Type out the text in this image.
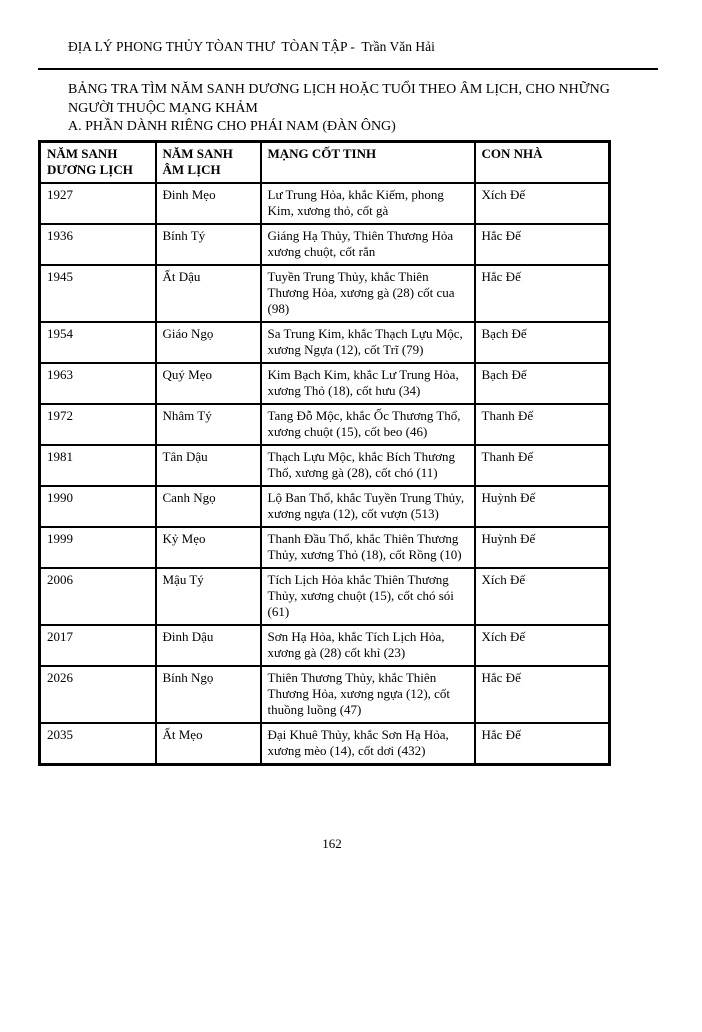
ĐỊA LÝ PHONG THỦY TÒAN THƯ  TÒAN TẬP -  Trần Văn Hải
BẢNG TRA TÌM NĂM SANH DƯƠNG LỊCH HOẶC TUỔI THEO ÂM LỊCH, CHO NHỮNG
NGƯỜI THUỘC MẠNG KHẢM
A. PHẦN DÀNH RIÊNG CHO PHÁI NAM (ĐÀN ÔNG)
NĂM SANH DƯƠNG LỊCH	NĂM SANH ÂM LỊCH	MẠNG CỐT TINH	CON NHÀ
1927	Đinh Mẹo	Lư Trung Hỏa, khắc Kiếm, phong Kim, xương thỏ, cốt gà	Xích Đế
1936	Bính Tý	Giáng Hạ Thủy, Thiên Thương Hỏa xương chuột, cốt rắn	Hắc Đế
1945	Ất Dậu	Tuyền Trung Thủy, khắc Thiên Thương Hỏa, xương gà (28) cốt cua (98)	Hắc Đế
1954	Giáo Ngọ	Sa Trung Kim, khắc Thạch Lựu Mộc, xương Ngựa (12), cốt Trĩ (79)	Bạch Đế
1963	Quý Mẹo	Kim Bạch Kim, khắc Lư Trung Hỏa, xương Thỏ (18), cốt hưu (34)	Bạch Đế
1972	Nhâm Tý	Tang Đỗ Mộc, khắc Ốc Thương Thổ, xương chuột (15), cốt beo (46)	Thanh Đế
1981	Tân Dậu	Thạch Lựu Mộc, khắc Bích Thương Thổ, xương gà (28), cốt chó (11)	Thanh Đế
1990	Canh Ngọ	Lộ Ban Thổ, khắc Tuyền Trung Thủy, xương ngựa (12), cốt vượn (513)	Huỳnh Đế
1999	Kỷ Mẹo	Thanh Đầu Thổ, khắc Thiên Thương Thủy, xương Thỏ (18), cốt Rồng (10)	Huỳnh Đế
2006	Mậu Tý	Tích Lịch Hỏa khắc Thiên Thương Thủy, xương chuột (15), cốt chó sói (61)	Xích Đế
2017	Đinh Dậu	Sơn Hạ Hỏa, khắc Tích Lịch Hỏa, xương gà (28) cốt khỉ (23)	Xích Đế
2026	Bính Ngọ	Thiên Thương Thủy, khắc Thiên Thương Hỏa, xương ngựa (12), cốt thuồng luồng (47)	Hắc Đế
2035	Ất Mẹo	Đại Khuê Thủy, khắc Sơn Hạ Hỏa, xương mèo (14), cốt dơi (432)	Hắc Đế
162
